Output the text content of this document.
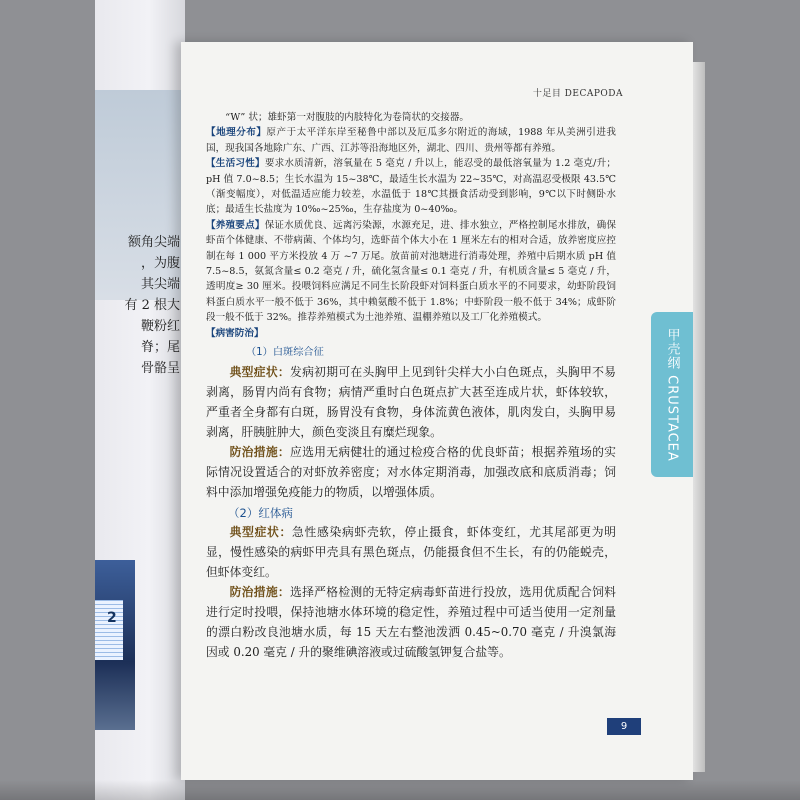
额角尖端
，为腹
其尖端
有 2 根大
鞭粉红
脊；尾
骨骼呈
2
十足目 DECAPODA

“W” 状；雄虾第一对腹肢的内肢特化为卷筒状的交接器。

【地理分布】原产于太平洋东岸至秘鲁中部以及厄瓜多尔附近的海域，1988 年从美洲引进我国，现我国各地除广东、广西、江苏等沿海地区外，湖北、四川、贵州等都有养殖。

【生活习性】要求水质清新，溶氧量在 5 毫克 / 升以上，能忍受的最低溶氧量为 1.2 毫克/升；pH 值 7.0~8.5；生长水温为 15~38℃，最适生长水温为 22~35℃，对高温忍受极限 43.5℃（渐变幅度），对低温适应能力较差，水温低于 18℃其摄食活动受到影响，9℃以下时侧卧水底；最适生长盐度为 10‰~25‰，生存盐度为 0~40‰。

【养殖要点】保证水质优良、远离污染源，水源充足，进、排水独立，严格控制尾水排放，确保虾苗个体健康、不带病菌、个体均匀，选虾苗个体大小在 1 厘米左右的相对合适，放养密度应控制在每 1 000 平方米投放 4 万 ~7 万尾。放苗前对池塘进行消毒处理，养殖中后期水质 pH 值 7.5~8.5，氨氮含量≤ 0.2 毫克 / 升，硫化氢含量≤ 0.1 毫克 / 升，有机质含量≤ 5 毫克 / 升，透明度≥ 30 厘米。投喂饲料应满足不同生长阶段虾对饲料蛋白质水平的不同要求，幼虾阶段饲料蛋白质水平一般不低于 36%，其中赖氨酸不低于 1.8%；中虾阶段一般不低于 34%；成虾阶段一般不低于 32%。推荐养殖模式为土池养殖、温棚养殖以及工厂化养殖模式。

【病害防治】

（1）白斑综合征

典型症状：发病初期可在头胸甲上见到针尖样大小白色斑点，头胸甲不易剥离，肠胃内尚有食物；病情严重时白色斑点扩大甚至连成片状，虾体较软，严重者全身都有白斑，肠胃没有食物，身体流黄色液体，肌肉发白，头胸甲易剥离，肝胰脏肿大，颜色变淡且有糜烂现象。

防治措施：应选用无病健壮的通过检疫合格的优良虾苗；根据养殖场的实际情况设置适合的对虾放养密度；对水体定期消毒，加强改底和底质消毒；饲料中添加增强免疫能力的物质，以增强体质。

（2）红体病

典型症状：急性感染病虾壳软，停止摄食，虾体变红，尤其尾部更为明显，慢性感染的病虾甲壳具有黑色斑点，仍能摄食但不生长，有的仍能蜕壳，但虾体变红。

防治措施：选择严格检测的无特定病毒虾苗进行投放，选用优质配合饲料进行定时投喂，保持池塘水体环境的稳定性，养殖过程中可适当使用一定剂量的漂白粉改良池塘水质，每 15 天左右整池泼洒 0.45~0.70 毫克 / 升溴氯海因或 0.20 毫克 / 升的聚维碘溶液或过硫酸氢钾复合盐等。

甲壳纲 CRUSTACEA
9
